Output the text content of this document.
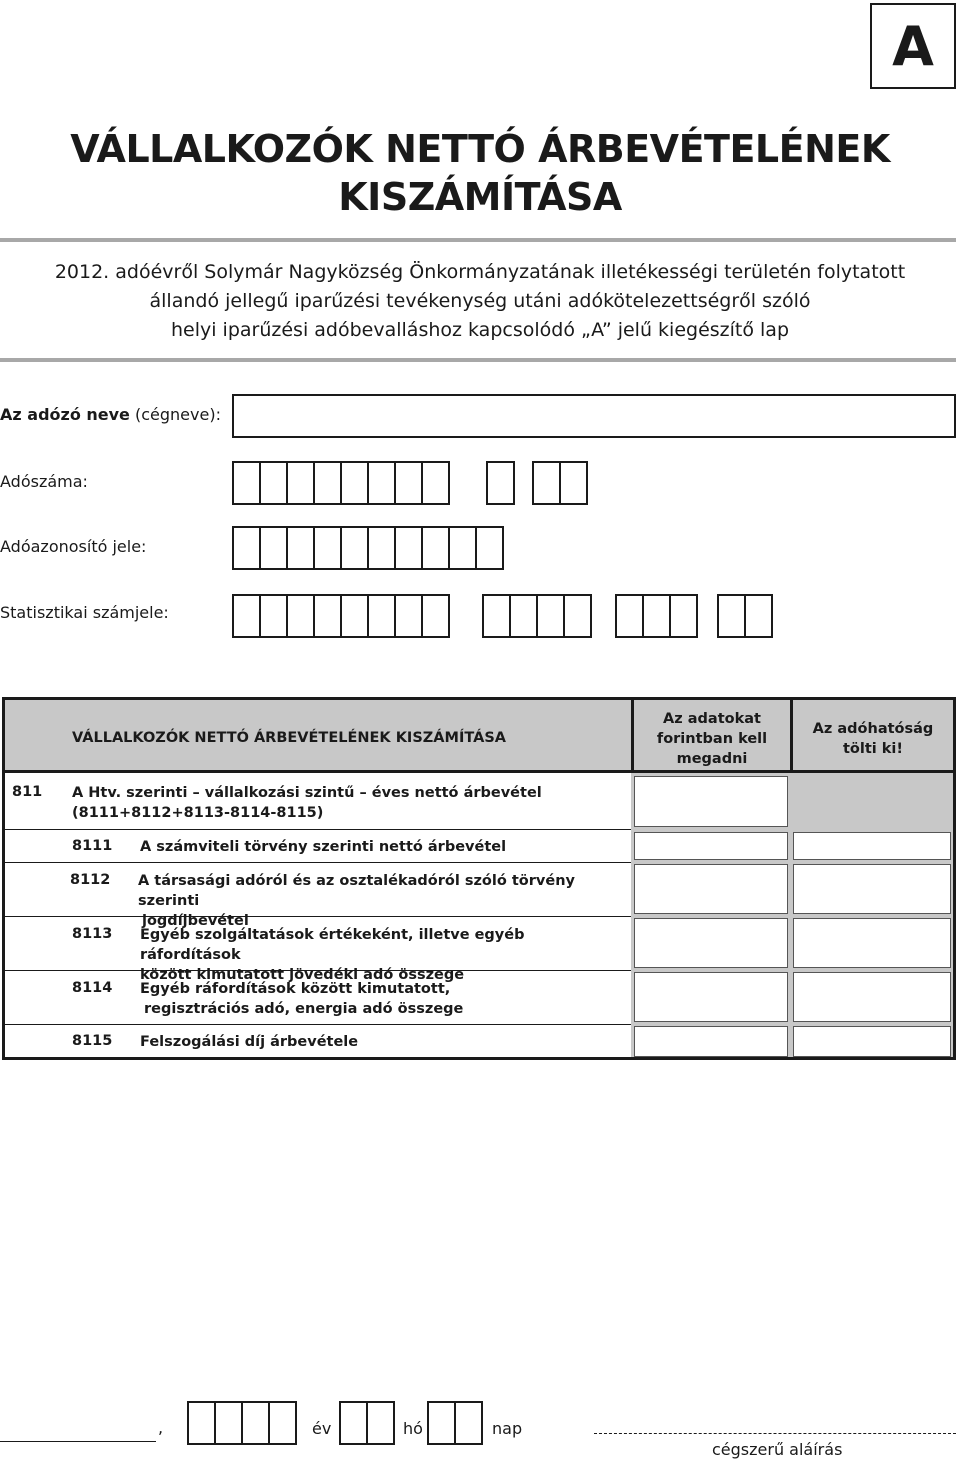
A
VÁLLALKOZÓK NETTÓ ÁRBEVÉTELÉNEK
KISZÁMÍTÁSA
2012. adóévről Solymár Nagyközség Önkormányzatának illetékességi területén folytatott
állandó jellegű iparűzési tevékenység utáni adókötelezettségről szóló
helyi iparűzési adóbevalláshoz kapcsolódó „A” jelű kiegészítő lap
Az adózó neve (cégneve):
Adószáma:
Adóazonosító jele:
Statisztikai számjele:
VÁLLALKOZÓK NETTÓ ÁRBEVÉTELÉNEK KISZÁMÍTÁSA
Az adatokat
forintban kell
megadni
Az adóhatóság
tölti ki!
811 A Htv. szerinti – vállalkozási szintű – éves nettó árbevétel
(8111+8112+8113-8114-8115)
8111 A számviteli törvény szerinti nettó árbevétel
8112 A társasági adóról és az osztalékadóról szóló törvény szerinti
jogdíjbevétel
8113 Egyéb szolgáltatások értékeként, illetve egyéb ráfordítások
között kimutatott jövedéki adó összege
8114 Egyéb ráfordítások között kimutatott,
regisztrációs adó, energia adó összege
8115 Felszogálási díj árbevétele
,	év	hó	nap
cégszerű aláírás
